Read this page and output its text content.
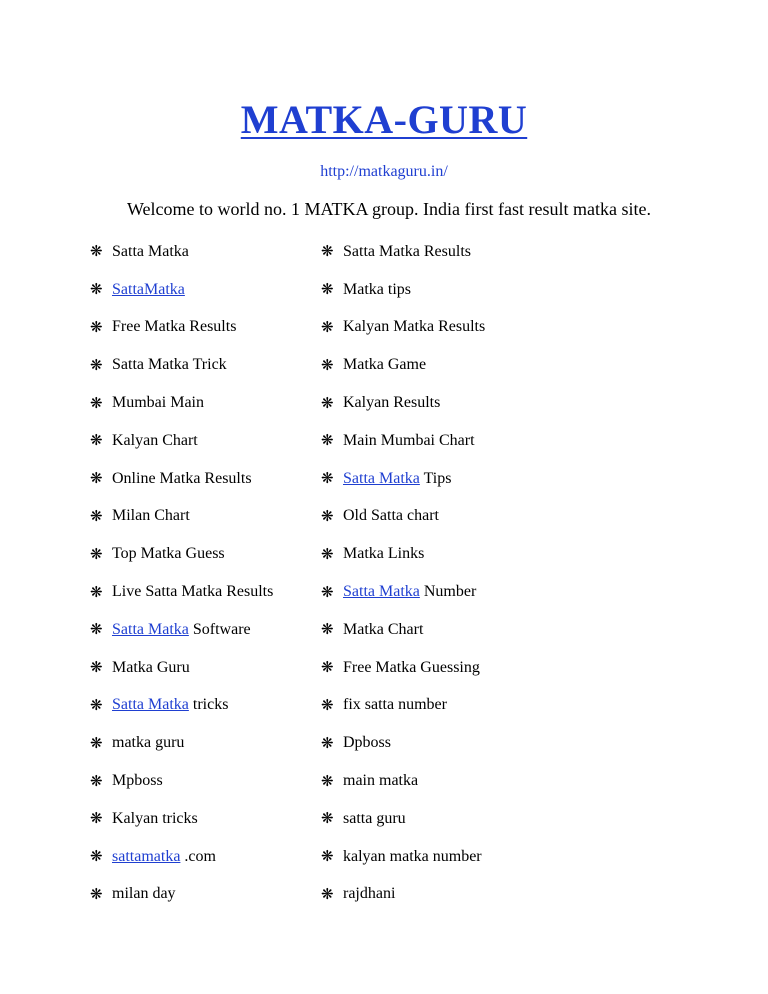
MATKA-GURU
http://matkaguru.in/
Welcome to world no. 1 MATKA group. India first fast result matka site.
❋ Satta Matka	❋ Satta Matka Results
❋ SattaMatka	❋ Matka tips
❋ Free Matka Results	❋ Kalyan Matka Results
❋ Satta Matka Trick	❋ Matka Game
❋ Mumbai Main	❋ Kalyan Results
❋ Kalyan Chart	❋ Main Mumbai Chart
❋ Online Matka Results	❋ Satta Matka Tips
❋ Milan Chart	❋ Old Satta chart
❋ Top Matka Guess	❋ Matka Links
❋ Live Satta Matka Results	❋ Satta Matka Number
❋ Satta Matka Software	❋ Matka Chart
❋ Matka Guru	❋ Free Matka Guessing
❋ Satta Matka tricks	❋ fix satta number
❋ matka guru	❋ Dpboss
❋ Mpboss	❋ main matka
❋ Kalyan tricks	❋ satta guru
❋ sattamatka .com	❋ kalyan matka number
❋ milan day	❋ rajdhani
